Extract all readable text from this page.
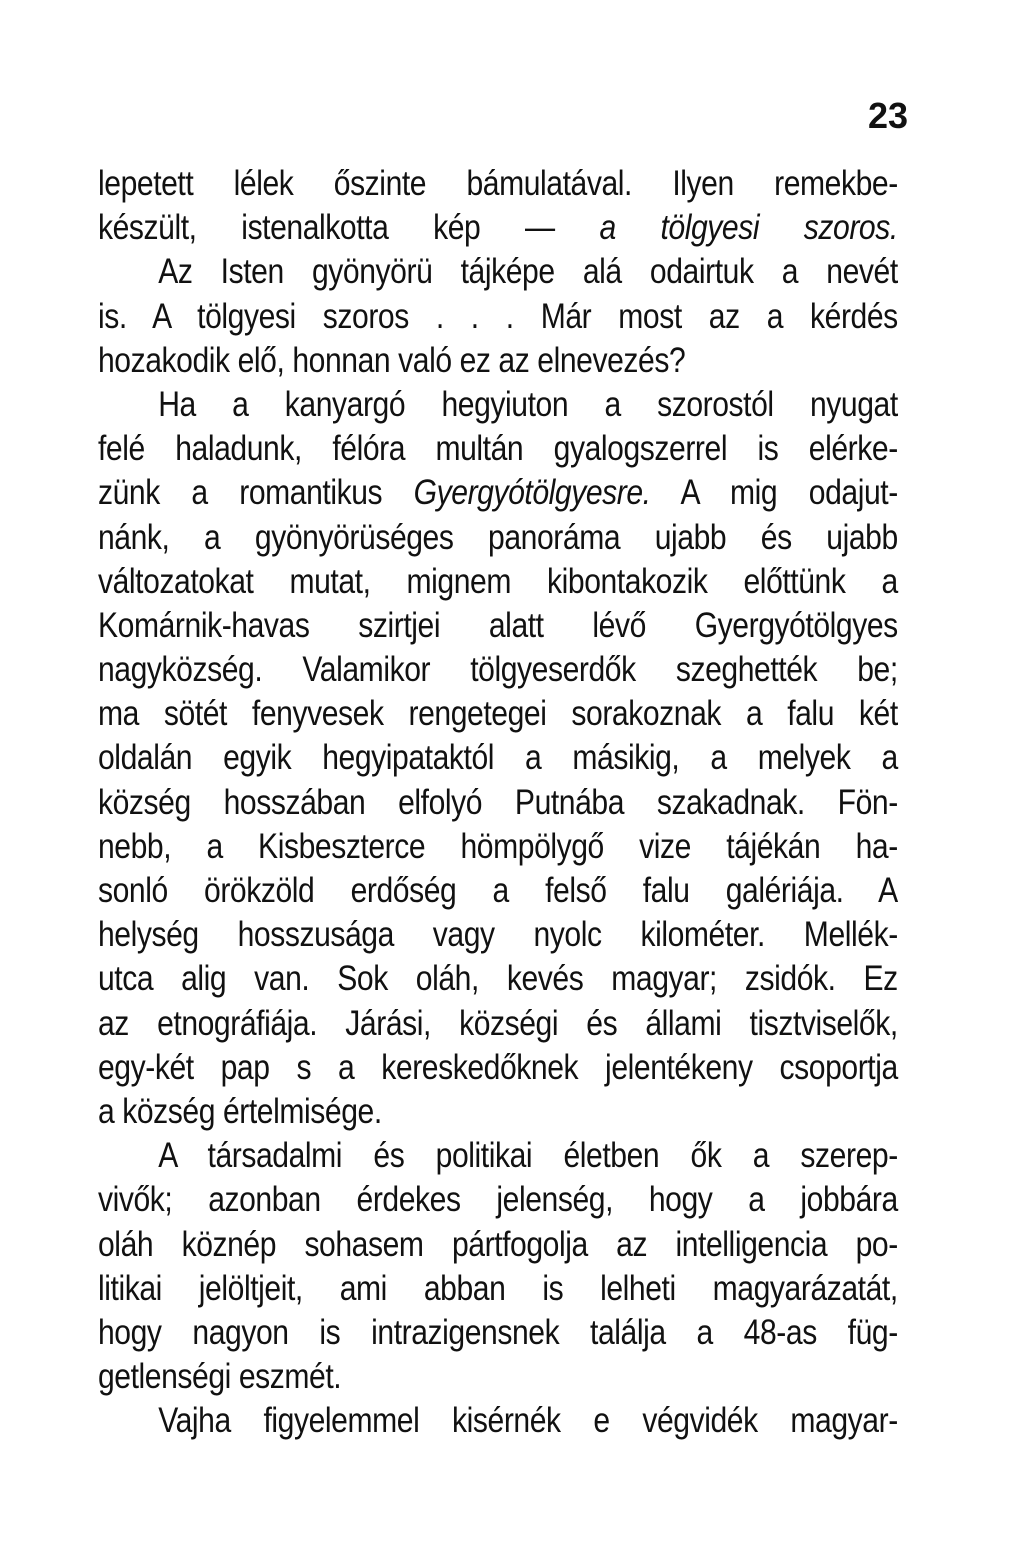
23
lepetett lélek őszinte bámulatával. Ilyen remekbe-
készült, istenalkotta kép — a tölgyesi szoros.
Az Isten gyönyörü tájképe alá odairtuk a nevét
is. A tölgyesi szoros . . . Már most az a kérdés
hozakodik elő, honnan való ez az elnevezés?
Ha a kanyargó hegyiuton a szorostól nyugat
felé haladunk, félóra multán gyalogszerrel is elérke-
zünk a romantikus Gyergyótölgyesre. A mig odajut-
nánk, a gyönyörüséges panoráma ujabb és ujabb
változatokat mutat, mignem kibontakozik előttünk a
Komárnik-havas szirtjei alatt lévő Gyergyótölgyes
nagyközség. Valamikor tölgyeserdők szeghették be;
ma sötét fenyvesek rengetegei sorakoznak a falu két
oldalán egyik hegyipataktól a másikig, a melyek a
község hosszában elfolyó Putnába szakadnak. Fön-
nebb, a Kisbeszterce hömpölygő vize tájékán ha-
sonló örökzöld erdőség a felső falu galériája. A
helység hosszusága vagy nyolc kilométer. Mellék-
utca alig van. Sok oláh, kevés magyar; zsidók. Ez
az etnográfiája. Járási, községi és állami tisztviselők,
egy-két pap s a kereskedőknek jelentékeny csoportja
a község értelmisége.
A társadalmi és politikai életben ők a szerep-
vivők; azonban érdekes jelenség, hogy a jobbára
oláh köznép sohasem pártfogolja az intelligencia po-
litikai jelöltjeit, ami abban is lelheti magyarázatát,
hogy nagyon is intrazigensnek találja a 48-as füg-
getlenségi eszmét.
Vajha figyelemmel kisérnék e végvidék magyar-
